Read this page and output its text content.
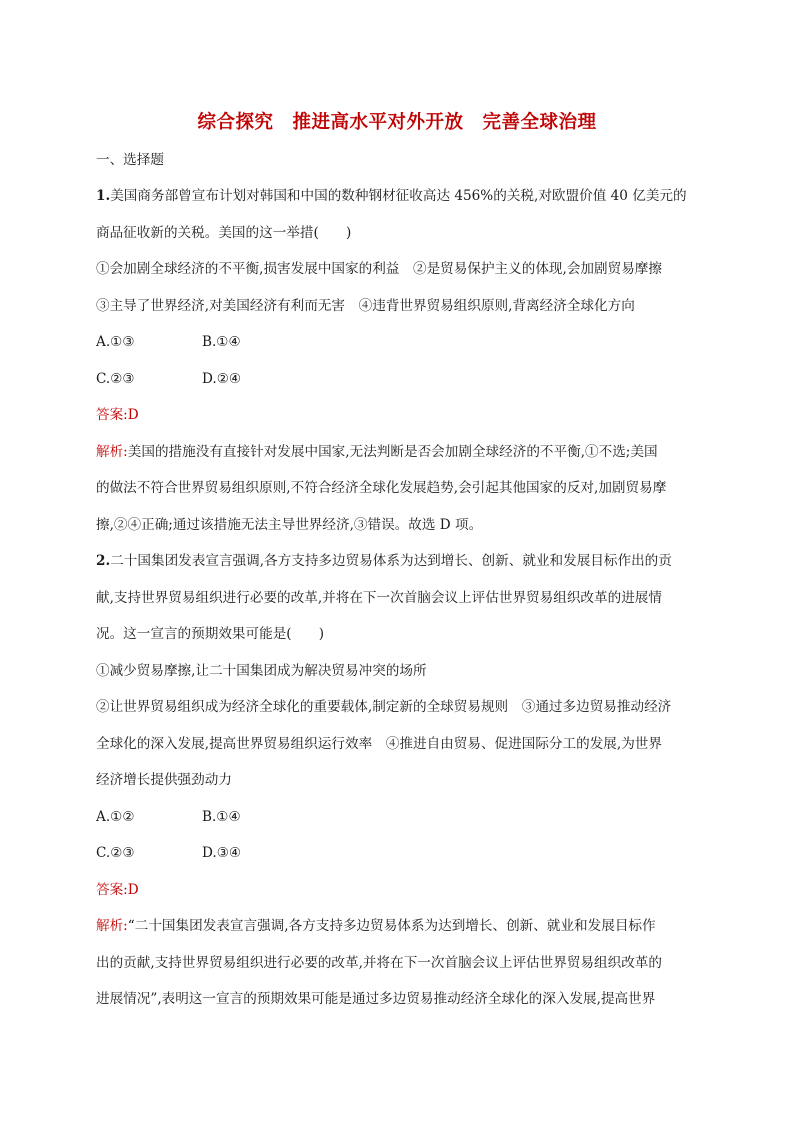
综合探究　推进高水平对外开放　完善全球治理
一、选择题
1.美国商务部曾宣布计划对韩国和中国的数种钢材征收高达 456%的关税,对欧盟价值 40 亿美元的
商品征收新的关税。美国的这一举措(　　)
①会加剧全球经济的不平衡,损害发展中国家的利益　②是贸易保护主义的体现,会加剧贸易摩擦
③主导了世界经济,对美国经济有利而无害　④违背世界贸易组织原则,背离经济全球化方向
A.①③	B.①④
C.②③	D.②④
答案:D
解析:美国的措施没有直接针对发展中国家,无法判断是否会加剧全球经济的不平衡,①不选;美国
的做法不符合世界贸易组织原则,不符合经济全球化发展趋势,会引起其他国家的反对,加剧贸易摩
擦,②④正确;通过该措施无法主导世界经济,③错误。故选 D 项。
2.二十国集团发表宣言强调,各方支持多边贸易体系为达到增长、创新、就业和发展目标作出的贡
献,支持世界贸易组织进行必要的改革,并将在下一次首脑会议上评估世界贸易组织改革的进展情
况。这一宣言的预期效果可能是(　　)
①减少贸易摩擦,让二十国集团成为解决贸易冲突的场所
②让世界贸易组织成为经济全球化的重要载体,制定新的全球贸易规则　③通过多边贸易推动经济
全球化的深入发展,提高世界贸易组织运行效率　④推进自由贸易、促进国际分工的发展,为世界
经济增长提供强劲动力
A.①②	B.①④
C.②③	D.③④
答案:D
解析:“二十国集团发表宣言强调,各方支持多边贸易体系为达到增长、创新、就业和发展目标作
出的贡献,支持世界贸易组织进行必要的改革,并将在下一次首脑会议上评估世界贸易组织改革的
进展情况”,表明这一宣言的预期效果可能是通过多边贸易推动经济全球化的深入发展,提高世界
